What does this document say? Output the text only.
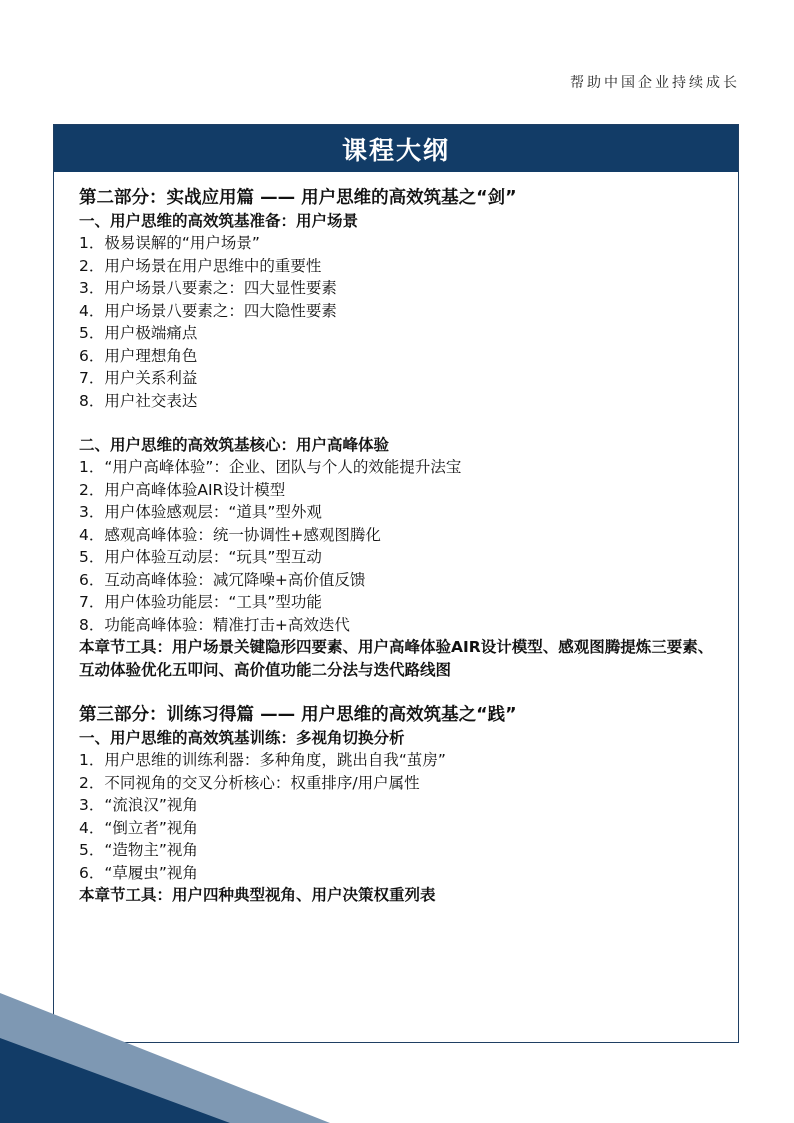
帮助中国企业持续成长
课程大纲

第二部分：实战应用篇 —— 用户思维的高效筑基之“剑”

一、用户思维的高效筑基准备：用户场景

1．极易误解的“用户场景”

2．用户场景在用户思维中的重要性

3．用户场景八要素之：四大显性要素

4．用户场景八要素之：四大隐性要素

5．用户极端痛点

6．用户理想角色

7．用户关系利益

8．用户社交表达

二、用户思维的高效筑基核心：用户高峰体验

1．“用户高峰体验”：企业、团队与个人的效能提升法宝

2．用户高峰体验AIR设计模型

3．用户体验感观层：“道具”型外观

4．感观高峰体验：统一协调性+感观图腾化

5．用户体验互动层：“玩具”型互动

6．互动高峰体验：减冗降噪+高价值反馈

7．用户体验功能层：“工具”型功能

8．功能高峰体验：精准打击+高效迭代

本章节工具：用户场景关键隐形四要素、用户高峰体验AIR设计模型、感观图腾提炼三要素、互动体验优化五叩问、高价值功能二分法与迭代路线图

第三部分：训练习得篇 —— 用户思维的高效筑基之“践”

一、用户思维的高效筑基训练：多视角切换分析

1．用户思维的训练利器：多种角度，跳出自我“茧房”

2．不同视角的交叉分析核心：权重排序/用户属性

3．“流浪汉”视角

4．“倒立者”视角

5．“造物主”视角

6．“草履虫”视角

本章节工具：用户四种典型视角、用户决策权重列表
